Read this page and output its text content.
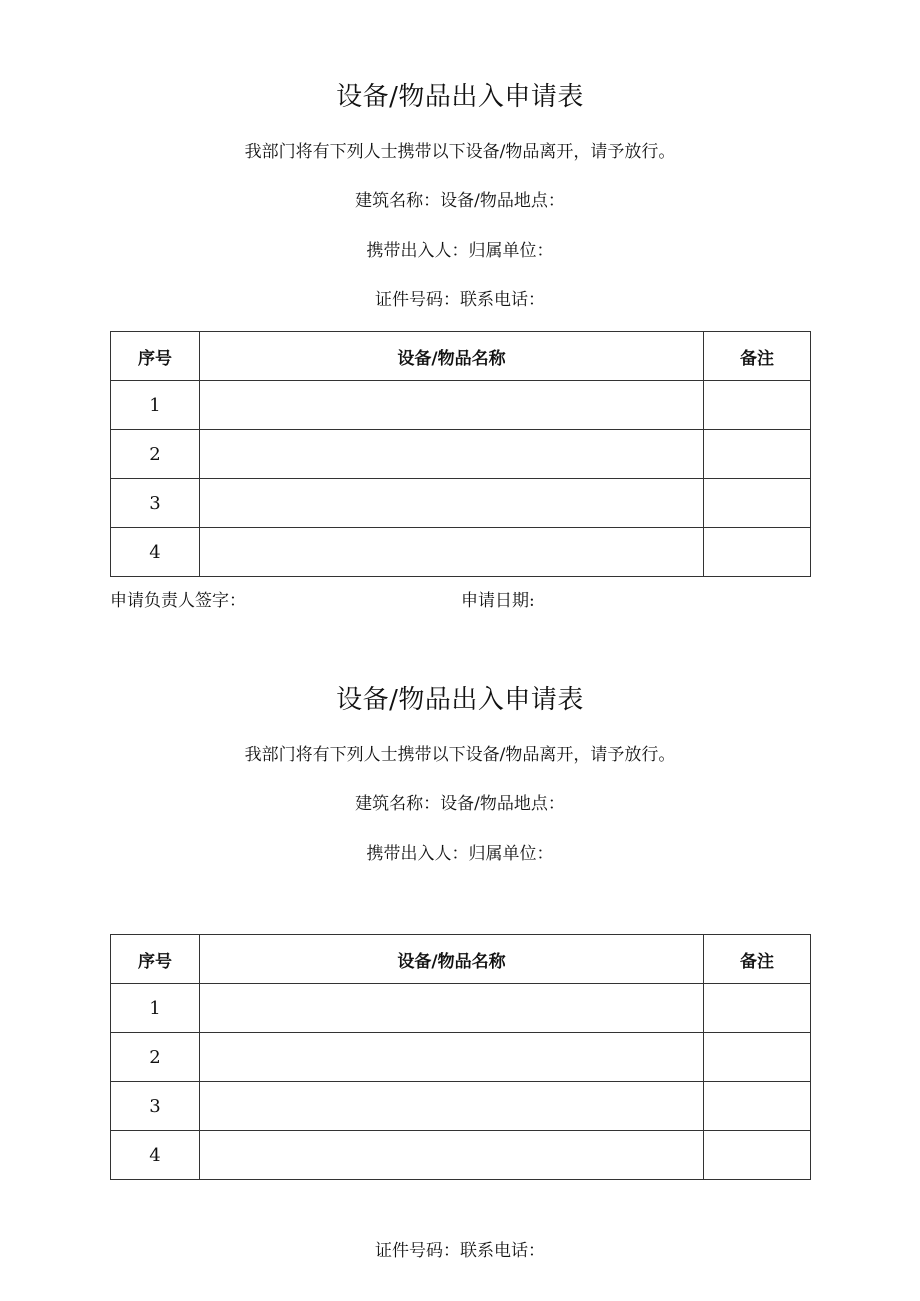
设备/物品出入申请表
我部门将有下列人士携带以下设备/物品离开，请予放行。
建筑名称：设备/物品地点：
携带出入人：归属单位：
证件号码：联系电话：
序号	设备/物品名称	备注
1		
2		
3		
4		
申请负责人签字：	申请日期:
设备/物品出入申请表
我部门将有下列人士携带以下设备/物品离开，请予放行。
建筑名称：设备/物品地点：
携带出入人：归属单位：
序号	设备/物品名称	备注
1		
2		
3		
4		
证件号码：联系电话：
